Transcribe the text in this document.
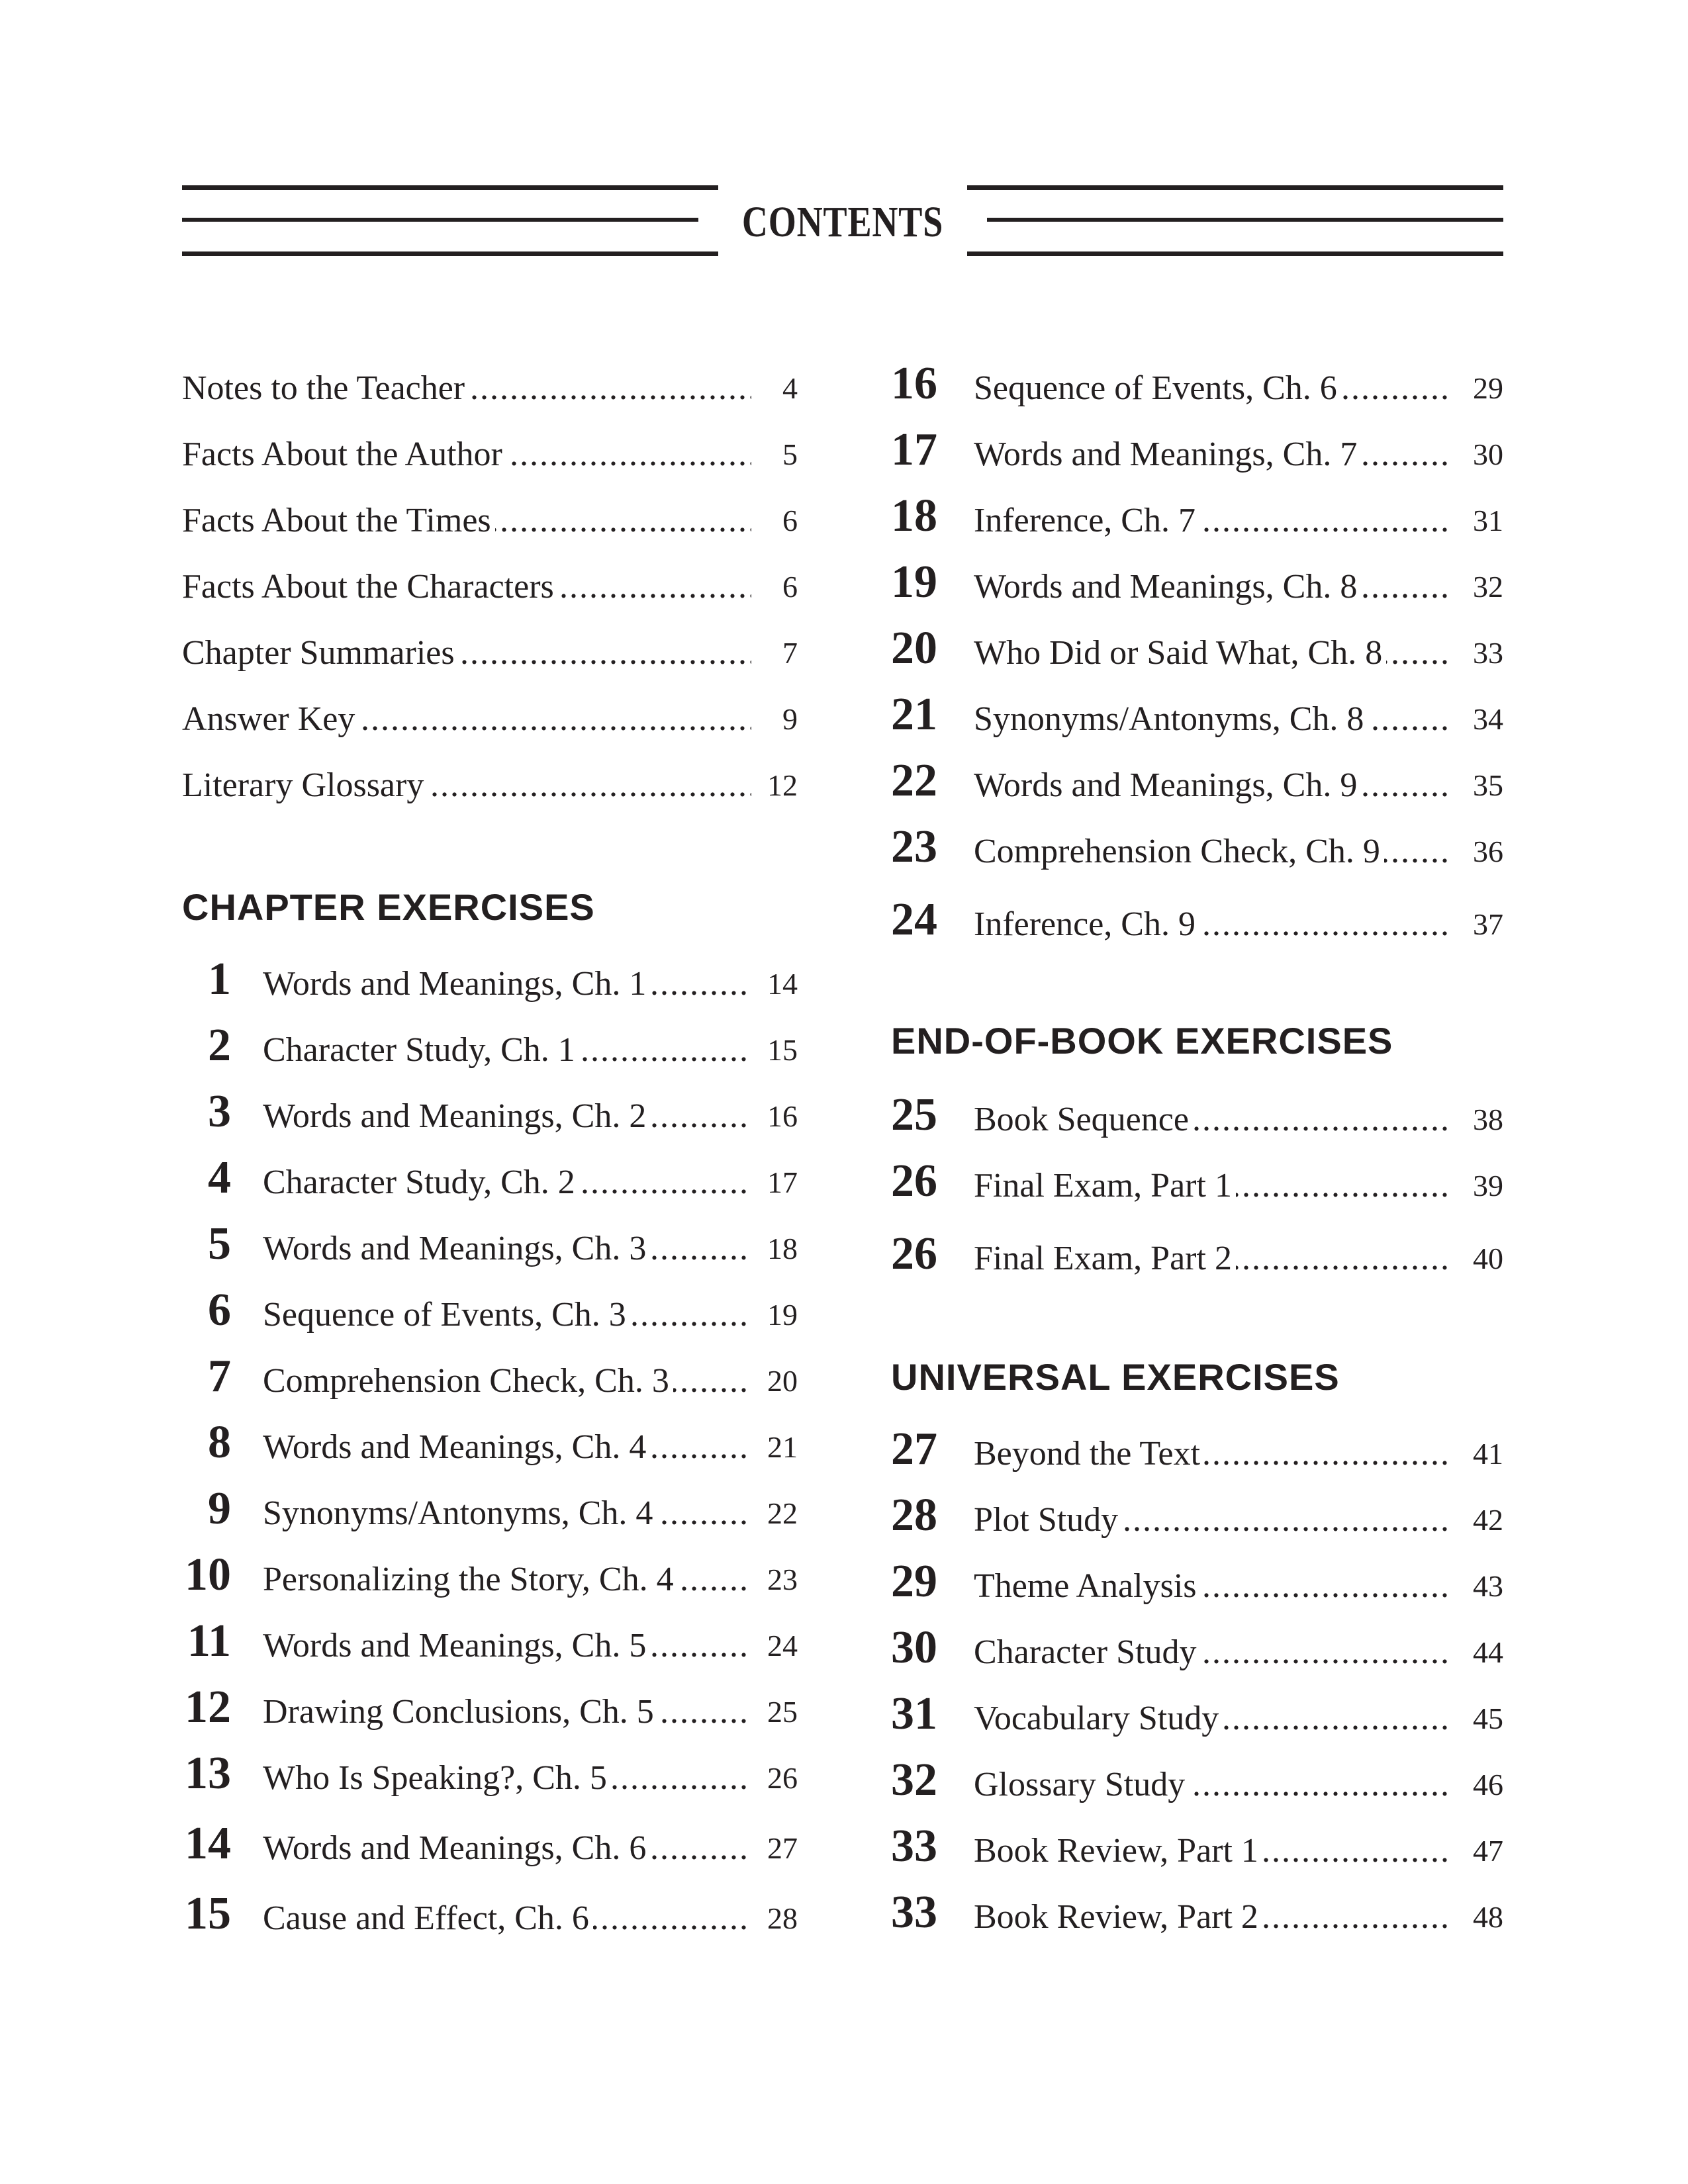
CONTENTS
Notes to the Teacher .....	4
Facts About the Author .....	5
Facts About the Times .....	6
Facts About the Characters .....	6
Chapter Summaries .....	7
Answer Key .....	9
Literary Glossary .....	12
CHAPTER EXERCISES
1 Words and Meanings, Ch. 1 .....	14
2 Character Study, Ch. 1 .....	15
3 Words and Meanings, Ch. 2 .....	16
4 Character Study, Ch. 2 .....	17
5 Words and Meanings, Ch. 3 .....	18
6 Sequence of Events, Ch. 3 .....	19
7 Comprehension Check, Ch. 3 .....	20
8 Words and Meanings, Ch. 4 .....	21
9 Synonyms/Antonyms, Ch. 4 .....	22
10 Personalizing the Story, Ch. 4 .....	23
11 Words and Meanings, Ch. 5 .....	24
12 Drawing Conclusions, Ch. 5 .....	25
13 Who Is Speaking?, Ch. 5 .....	26
14 Words and Meanings, Ch. 6 .....	27
15 Cause and Effect, Ch. 6 .....	28
16 Sequence of Events, Ch. 6 .....	29
17 Words and Meanings, Ch. 7 .....	30
18 Inference, Ch. 7 .....	31
19 Words and Meanings, Ch. 8 .....	32
20 Who Did or Said What, Ch. 8 .....	33
21 Synonyms/Antonyms, Ch. 8 .....	34
22 Words and Meanings, Ch. 9 .....	35
23 Comprehension Check, Ch. 9 .....	36
24 Inference, Ch. 9 .....	37
END-OF-BOOK EXERCISES
25 Book Sequence .....	38
26 Final Exam, Part 1 .....	39
26 Final Exam, Part 2 .....	40
UNIVERSAL EXERCISES
27 Beyond the Text .....	41
28 Plot Study .....	42
29 Theme Analysis .....	43
30 Character Study .....	44
31 Vocabulary Study .....	45
32 Glossary Study .....	46
33 Book Review, Part 1 .....	47
33 Book Review, Part 2 .....	48
